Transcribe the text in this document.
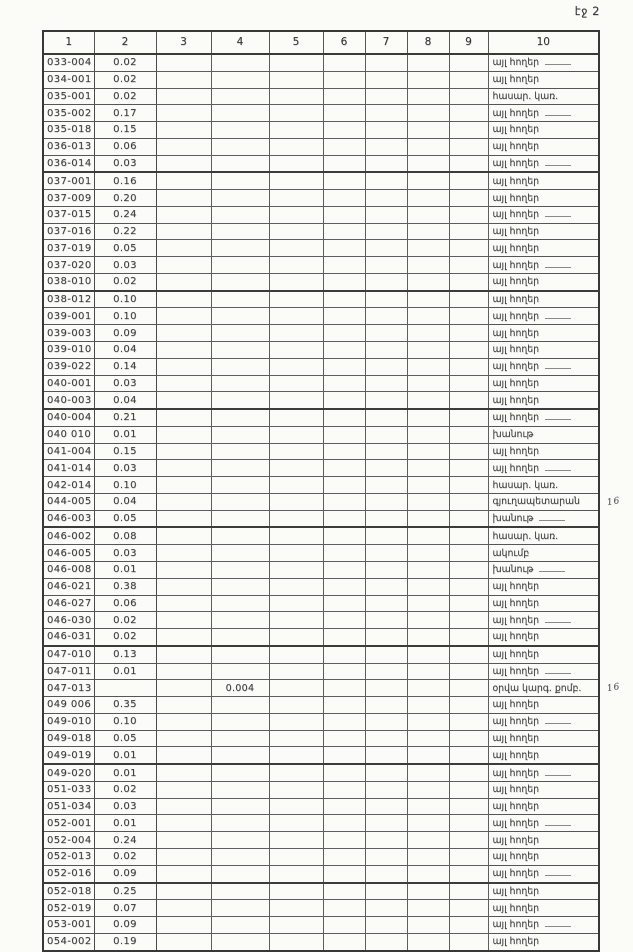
էջ 2
1	2	3	4	5	6	7	8	9	10
033-004	0.02								այլ հողեր
034-001	0.02								այլ հողեր
035-001	0.02								հասար. կառ.
035-002	0.17								այլ հողեր
035-018	0.15								այլ հողեր
036-013	0.06								այլ հողեր
036-014	0.03								այլ հողեր
037-001	0.16								այլ հողեր
037-009	0.20								այլ հողեր
037-015	0.24								այլ հողեր
037-016	0.22								այլ հողեր
037-019	0.05								այլ հողեր
037-020	0.03								այլ հողեր
038-010	0.02								այլ հողեր
038-012	0.10								այլ հողեր
039-001	0.10								այլ հողեր
039-003	0.09								այլ հողեր
039-010	0.04								այլ հողեր
039-022	0.14								այլ հողեր
040-001	0.03								այլ հողեր
040-003	0.04								այլ հողեր
040-004	0.21								այլ հողեր
040 010	0.01								խանութ
041-004	0.15								այլ հողեր
041-014	0.03								այլ հողեր
042-014	0.10								հասար. կառ.
044-005	0.04								գյուղապետարան 16

046-003	0.05								խանութ
046-002	0.08								հասար. կառ.
046-005	0.03								ակումբ
046-008	0.01								խանութ
046-021	0.38								այլ հողեր
046-027	0.06								այլ հողեր
046-030	0.02								այլ հողեր
046-031	0.02								այլ հողեր
047-010	0.13								այլ հողեր
047-011	0.01								այլ հողեր
047-013			0.004						օրվա կարգ. քոմբ. 16

049 006	0.35								այլ հողեր
049-010	0.10								այլ հողեր
049-018	0.05								այլ հողեր
049-019	0.01								այլ հողեր
049-020	0.01								այլ հողեր
051-033	0.02								այլ հողեր
051-034	0.03								այլ հողեր
052-001	0.01								այլ հողեր
052-004	0.24								այլ հողեր
052-013	0.02								այլ հողեր
052-016	0.09								այլ հողեր
052-018	0.25								այլ հողեր
052-019	0.07								այլ հողեր
053-001	0.09								այլ հողեր
054-002	0.19								այլ հողեր
